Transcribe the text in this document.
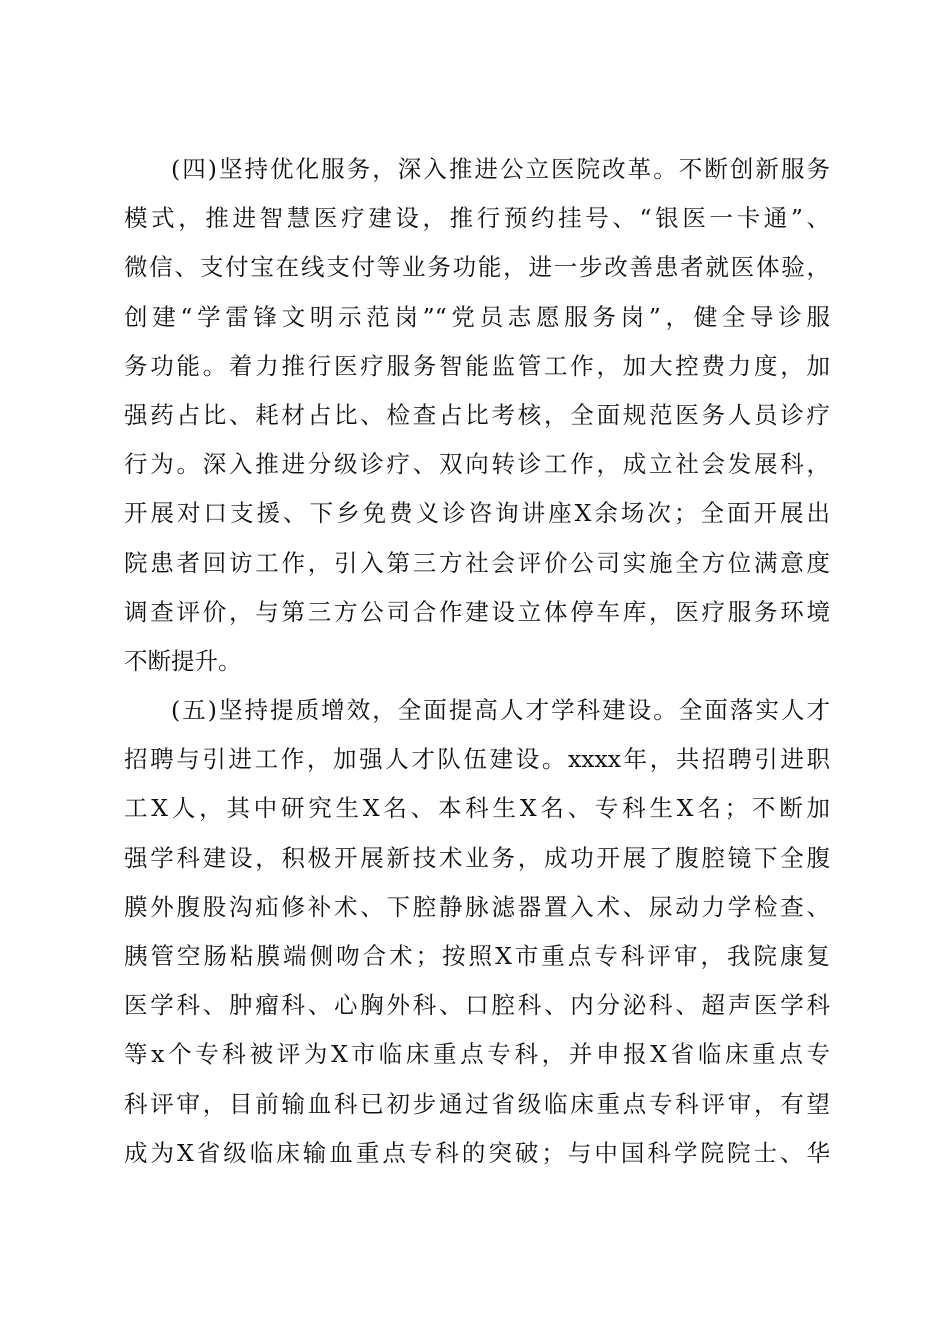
(四)坚持优化服务，深入推进公立医院改革。不断创新服务
模式，推进智慧医疗建设，推行预约挂号、“银医一卡通”、
微信、支付宝在线支付等业务功能，进一步改善患者就医体验，
创建“学雷锋文明示范岗”“党员志愿服务岗”，健全导诊服
务功能。着力推行医疗服务智能监管工作，加大控费力度，加
强药占比、耗材占比、检查占比考核，全面规范医务人员诊疗
行为。深入推进分级诊疗、双向转诊工作，成立社会发展科，
开展对口支援、下乡免费义诊咨询讲座X余场次；全面开展出
院患者回访工作，引入第三方社会评价公司实施全方位满意度
调查评价，与第三方公司合作建设立体停车库，医疗服务环境
不断提升。
(五)坚持提质增效，全面提高人才学科建设。全面落实人才
招聘与引进工作，加强人才队伍建设。xxxx年，共招聘引进职
工X人，其中研究生X名、本科生X名、专科生X名；不断加
强学科建设，积极开展新技术业务，成功开展了腹腔镜下全腹
膜外腹股沟疝修补术、下腔静脉滤器置入术、尿动力学检查、
胰管空肠粘膜端侧吻合术；按照X市重点专科评审，我院康复
医学科、肿瘤科、心胸外科、口腔科、内分泌科、超声医学科
等x个专科被评为X市临床重点专科，并申报X省临床重点专
科评审，目前输血科已初步通过省级临床重点专科评审，有望
成为X省级临床输血重点专科的突破；与中国科学院院士、华
